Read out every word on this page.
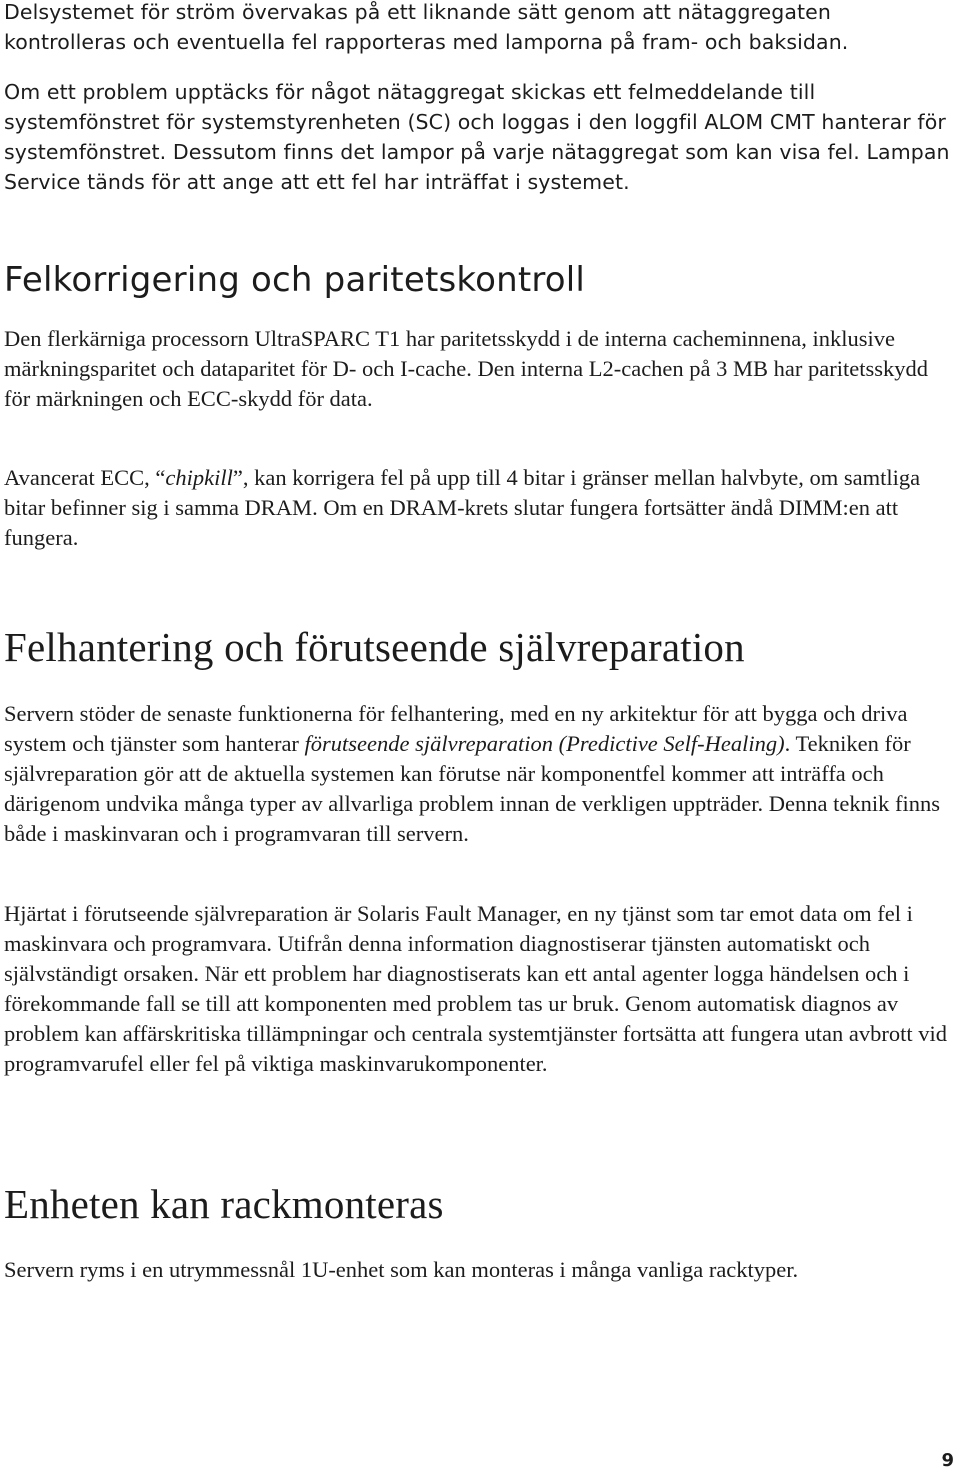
Delsystemet för ström övervakas på ett liknande sätt genom att nätaggregaten kontrolleras och eventuella fel rapporteras med lamporna på fram- och baksidan.

Om ett problem upptäcks för något nätaggregat skickas ett felmeddelande till systemfönstret för systemstyrenheten (SC) och loggas i den loggfil ALOM CMT hanterar för systemfönstret. Dessutom finns det lampor på varje nätaggregat som kan visa fel. Lampan Service tänds för att ange att ett fel har inträffat i systemet.

Felkorrigering och paritetskontroll

Den flerkärniga processorn UltraSPARC T1 har paritetsskydd i de interna cacheminnena, inklusive märkningsparitet och dataparitet för D- och I-cache. Den interna L2-cachen på 3 MB har paritetsskydd för märkningen och ECC-skydd för data.

Avancerat ECC, “chipkill”, kan korrigera fel på upp till 4 bitar i gränser mellan halvbyte, om samtliga bitar befinner sig i samma DRAM. Om en DRAM-krets slutar fungera fortsätter ändå DIMM:en att fungera.

Felhantering och förutseende självreparation

Servern stöder de senaste funktionerna för felhantering, med en ny arkitektur för att bygga och driva system och tjänster som hanterar förutseende självreparation (Predictive Self-Healing). Tekniken för självreparation gör att de aktuella systemen kan förutse när komponentfel kommer att inträffa och därigenom undvika många typer av allvarliga problem innan de verkligen uppträder. Denna teknik finns både i maskinvaran och i programvaran till servern.

Hjärtat i förutseende självreparation är Solaris Fault Manager, en ny tjänst som tar emot data om fel i maskinvara och programvara. Utifrån denna information diagnostiserar tjänsten automatiskt och självständigt orsaken. När ett problem har diagnostiserats kan ett antal agenter logga händelsen och i förekommande fall se till att komponenten med problem tas ur bruk. Genom automatisk diagnos av problem kan affärskritiska tillämpningar och centrala systemtjänster fortsätta att fungera utan avbrott vid programvarufel eller fel på viktiga maskinvarukomponenter.

Enheten kan rackmonteras

Servern ryms i en utrymmessnål 1U-enhet som kan monteras i många vanliga racktyper.

9
